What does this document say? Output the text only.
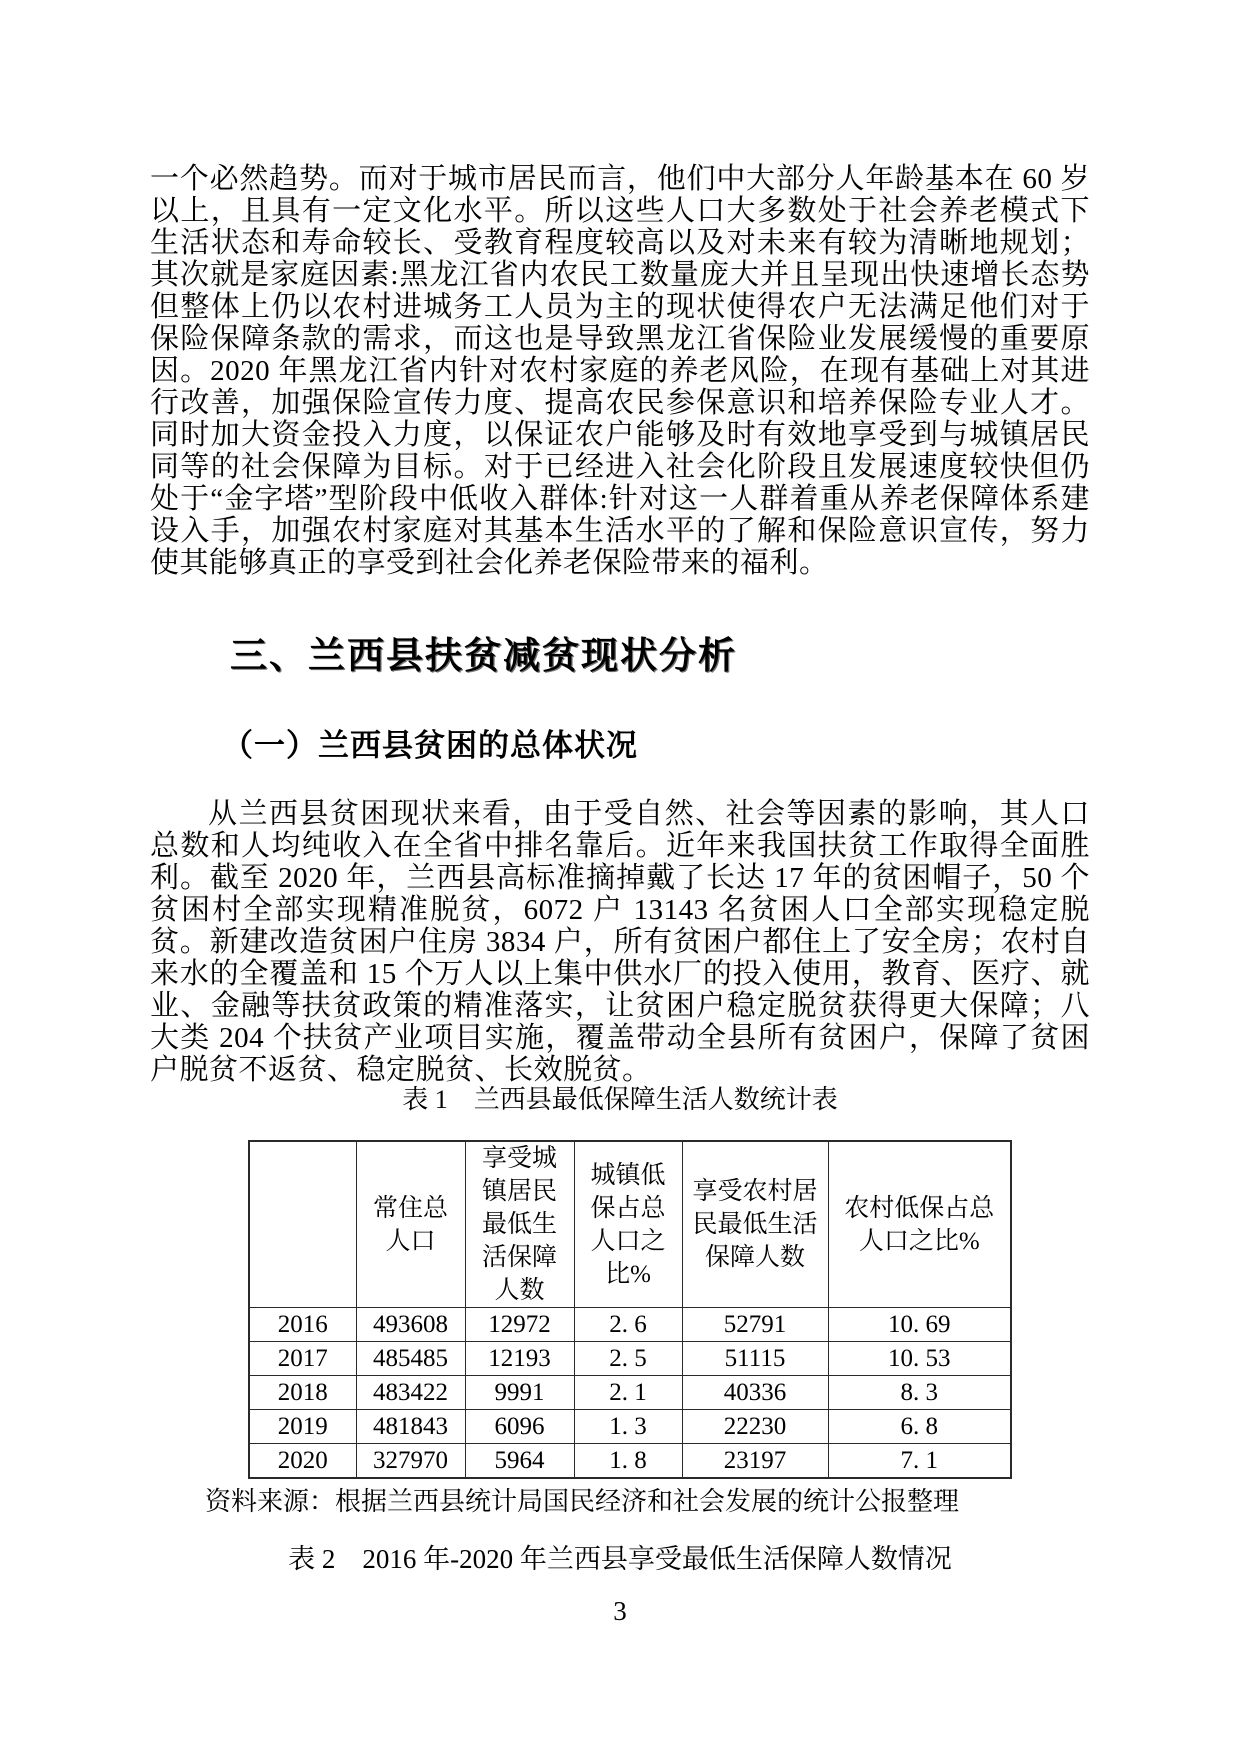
一个必然趋势。而对于城市居民而言，他们中大部分人年龄基本在 60 岁以上，且具有一定文化水平。所以这些人口大多数处于社会养老模式下生活状态和寿命较长、受教育程度较高以及对未来有较为清晰地规划；其次就是家庭因素:黑龙江省内农民工数量庞大并且呈现出快速增长态势但整体上仍以农村进城务工人员为主的现状使得农户无法满足他们对于保险保障条款的需求，而这也是导致黑龙江省保险业发展缓慢的重要原因。2020 年黑龙江省内针对农村家庭的养老风险，在现有基础上对其进行改善，加强保险宣传力度、提高农民参保意识和培养保险专业人才。同时加大资金投入力度，以保证农户能够及时有效地享受到与城镇居民同等的社会保障为目标。对于已经进入社会化阶段且发展速度较快但仍处于“金字塔”型阶段中低收入群体:针对这一人群着重从养老保障体系建设入手，加强农村家庭对其基本生活水平的了解和保险意识宣传，努力使其能够真正的享受到社会化养老保险带来的福利。

三、兰西县扶贫减贫现状分析
（一）兰西县贫困的总体状况

从兰西县贫困现状来看，由于受自然、社会等因素的影响，其人口总数和人均纯收入在全省中排名靠后。近年来我国扶贫工作取得全面胜利。截至 2020 年，兰西县高标准摘掉戴了长达 17 年的贫困帽子，50 个贫困村全部实现精准脱贫，6072 户 13143 名贫困人口全部实现稳定脱贫。新建改造贫困户住房 3834 户，所有贫困户都住上了安全房；农村自来水的全覆盖和 15 个万人以上集中供水厂的投入使用，教育、医疗、就业、金融等扶贫政策的精准落实，让贫困户稳定脱贫获得更大保障；八大类 204 个扶贫产业项目实施，覆盖带动全县所有贫困户，保障了贫困户脱贫不返贫、稳定脱贫、长效脱贫。

表 1　兰西县最低保障生活人数统计表

	常住总人口	享受城镇居民最低生活保障人数	城镇低保占总人口之比%	享受农村居民最低生活保障人数	农村低保占总人口之比%
2016	493608	12972	2. 6	52791	10. 69
2017	485485	12193	2. 5	51115	10. 53
2018	483422	9991	2. 1	40336	8. 3
2019	481843	6096	1. 3	22230	6. 8
2020	327970	5964	1. 8	23197	7. 1

资料来源：根据兰西县统计局国民经济和社会发展的统计公报整理

表 2　2016 年-2020 年兰西县享受最低生活保障人数情况

3
